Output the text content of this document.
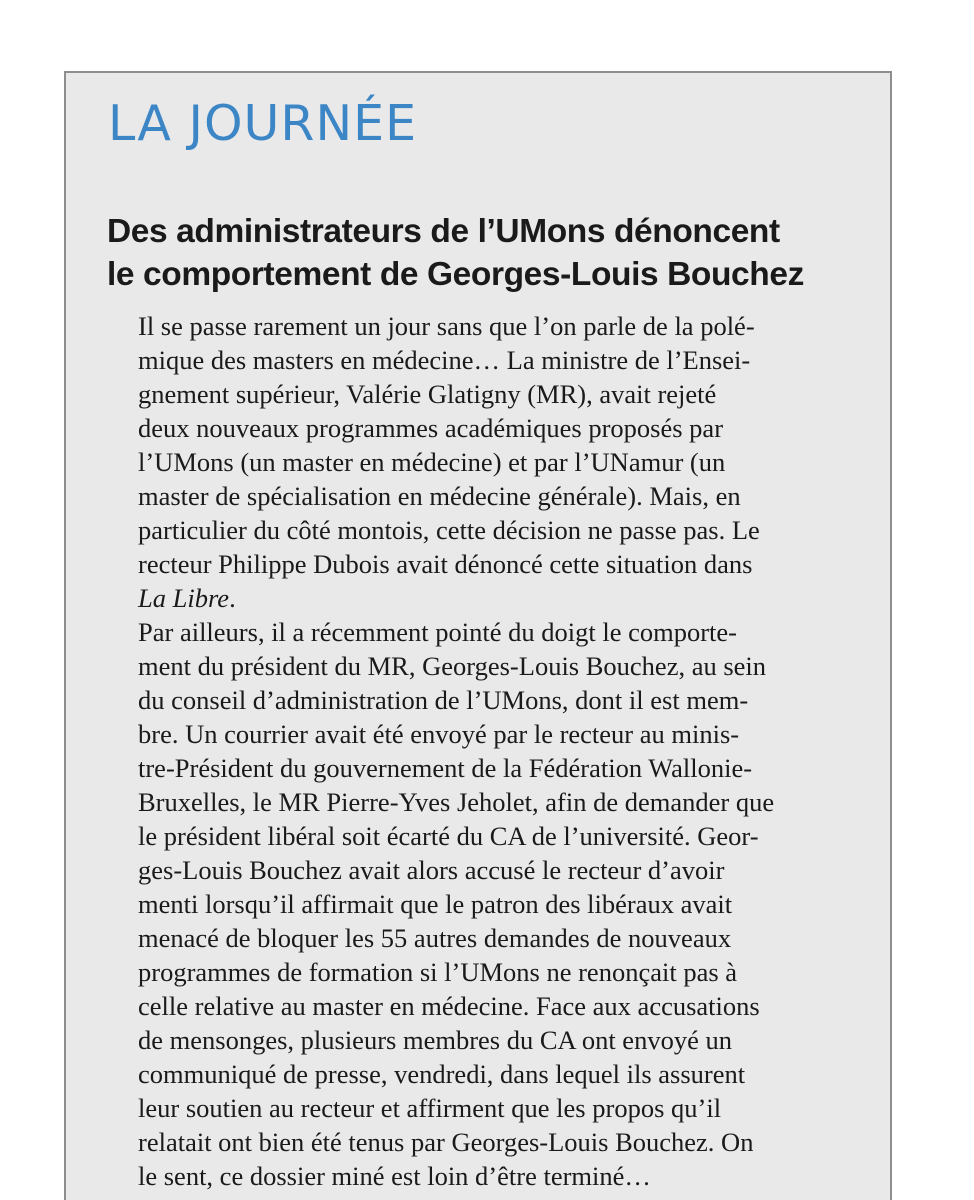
LA JOURNÉE
Des administrateurs de l’UMons dénoncent
le comportement de Georges-Louis Bouchez
Il se passe rarement un jour sans que l’on parle de la polé-
mique des masters en médecine… La ministre de l’Ensei-
gnement supérieur, Valérie Glatigny (MR), avait rejeté
deux nouveaux programmes académiques proposés par
l’UMons (un master en médecine) et par l’UNamur (un
master de spécialisation en médecine générale). Mais, en
particulier du côté montois, cette décision ne passe pas. Le
recteur Philippe Dubois avait dénoncé cette situation dans
La Libre.
Par ailleurs, il a récemment pointé du doigt le comporte-
ment du président du MR, Georges-Louis Bouchez, au sein
du conseil d’administration de l’UMons, dont il est mem-
bre. Un courrier avait été envoyé par le recteur au minis-
tre-Président du gouvernement de la Fédération Wallonie-
Bruxelles, le MR Pierre-Yves Jeholet, afin de demander que
le président libéral soit écarté du CA de l’université. Geor-
ges-Louis Bouchez avait alors accusé le recteur d’avoir
menti lorsqu’il affirmait que le patron des libéraux avait
menacé de bloquer les 55 autres demandes de nouveaux
programmes de formation si l’UMons ne renonçait pas à
celle relative au master en médecine. Face aux accusations
de mensonges, plusieurs membres du CA ont envoyé un
communiqué de presse, vendredi, dans lequel ils assurent
leur soutien au recteur et affirment que les propos qu’il
relatait ont bien été tenus par Georges-Louis Bouchez. On
le sent, ce dossier miné est loin d’être terminé…
